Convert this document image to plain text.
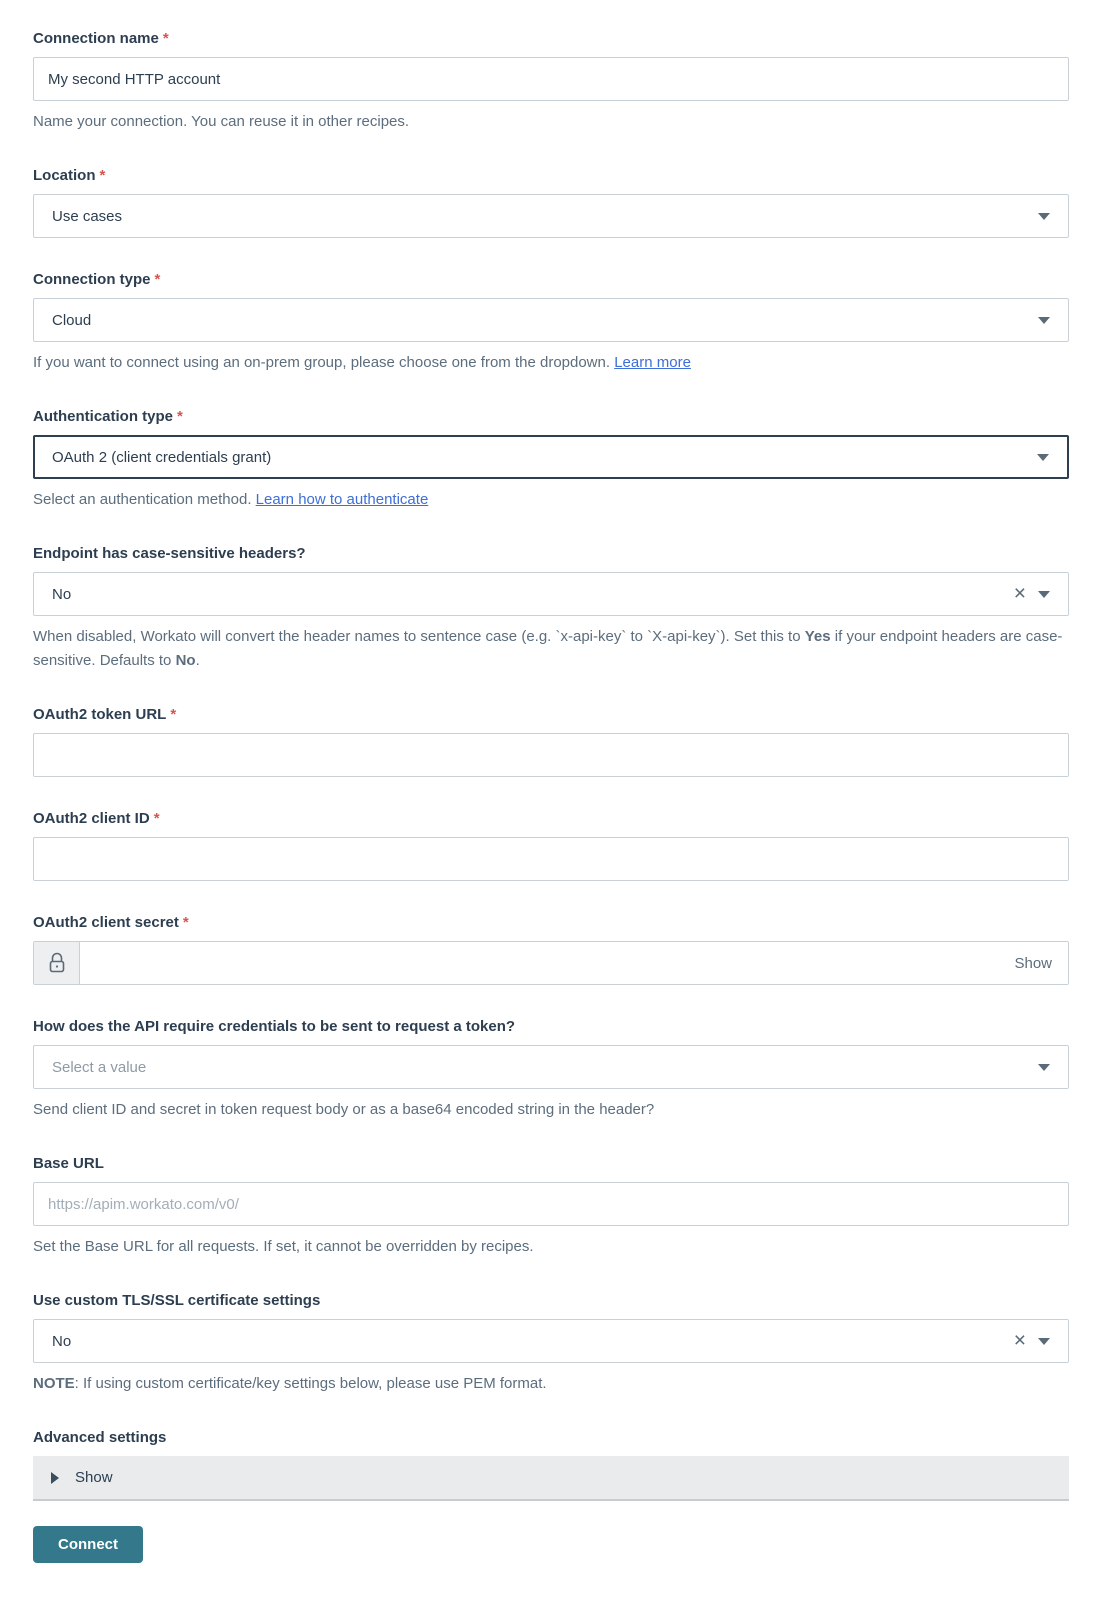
Connection name *
My second HTTP account
Name your connection. You can reuse it in other recipes.
Location *
Use cases
Connection type *
Cloud
If you want to connect using an on-prem group, please choose one from the dropdown. Learn more
Authentication type *
OAuth 2 (client credentials grant)
Select an authentication method. Learn how to authenticate
Endpoint has case-sensitive headers?
No	×
When disabled, Workato will convert the header names to sentence case (e.g. `x-api-key` to `X-api-key`). Set this to Yes if your endpoint headers are case-sensitive. Defaults to No.
OAuth2 token URL *
OAuth2 client ID *
OAuth2 client secret *
Show
How does the API require credentials to be sent to request a token?
Select a value
Send client ID and secret in token request body or as a base64 encoded string in the header?
Base URL
https://apim.workato.com/v0/
Set the Base URL for all requests. If set, it cannot be overridden by recipes.
Use custom TLS/SSL certificate settings
No	×
NOTE: If using custom certificate/key settings below, please use PEM format.
Advanced settings
Show
Connect
